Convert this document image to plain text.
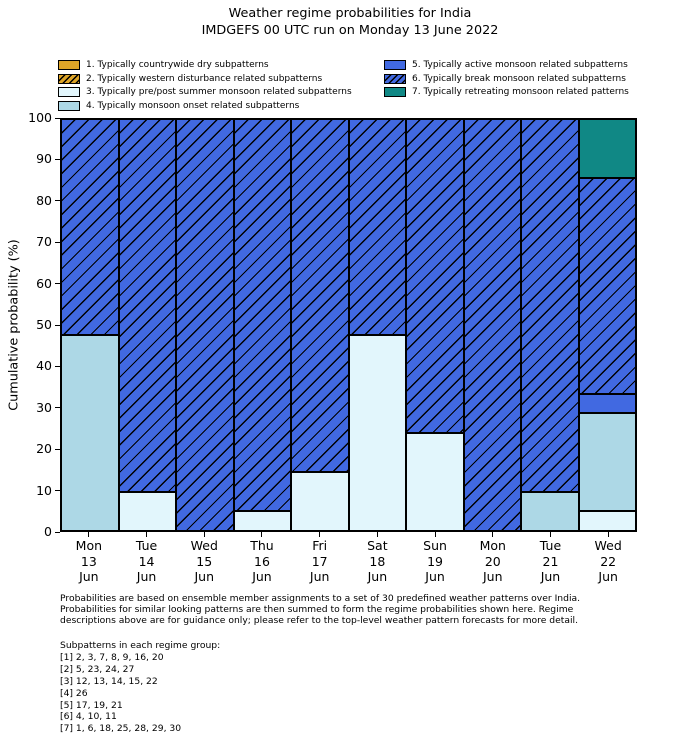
Weather regime probabilities for India
IMDGEFS 00 UTC run on Monday 13 June 2022
1. Typically countrywide dry subpatterns
2. Typically western disturbance related subpatterns
3. Typically pre/post summer monsoon related subpatterns
4. Typically monsoon onset related subpatterns
5. Typically active monsoon related subpatterns
6. Typically break monsoon related subpatterns
7. Typically retreating monsoon related patterns
Cumulative probability (%)
0
10
20
30
40
50
60
70
80
90
100
Mon
13
Jun
Tue
14
Jun
Wed
15
Jun
Thu
16
Jun
Fri
17
Jun
Sat
18
Jun
Sun
19
Jun
Mon
20
Jun
Tue
21
Jun
Wed
22
Jun
Probabilities are based on ensemble member assignments to a set of 30 predefined weather patterns over India.
Probabilities for similar looking patterns are then summed to form the regime probabilities shown here. Regime
descriptions above are for guidance only; please refer to the top-level weather pattern forecasts for more detail.
Subpatterns in each regime group:
[1] 2, 3, 7, 8, 9, 16, 20
[2] 5, 23, 24, 27
[3] 12, 13, 14, 15, 22
[4] 26
[5] 17, 19, 21
[6] 4, 10, 11
[7] 1, 6, 18, 25, 28, 29, 30
